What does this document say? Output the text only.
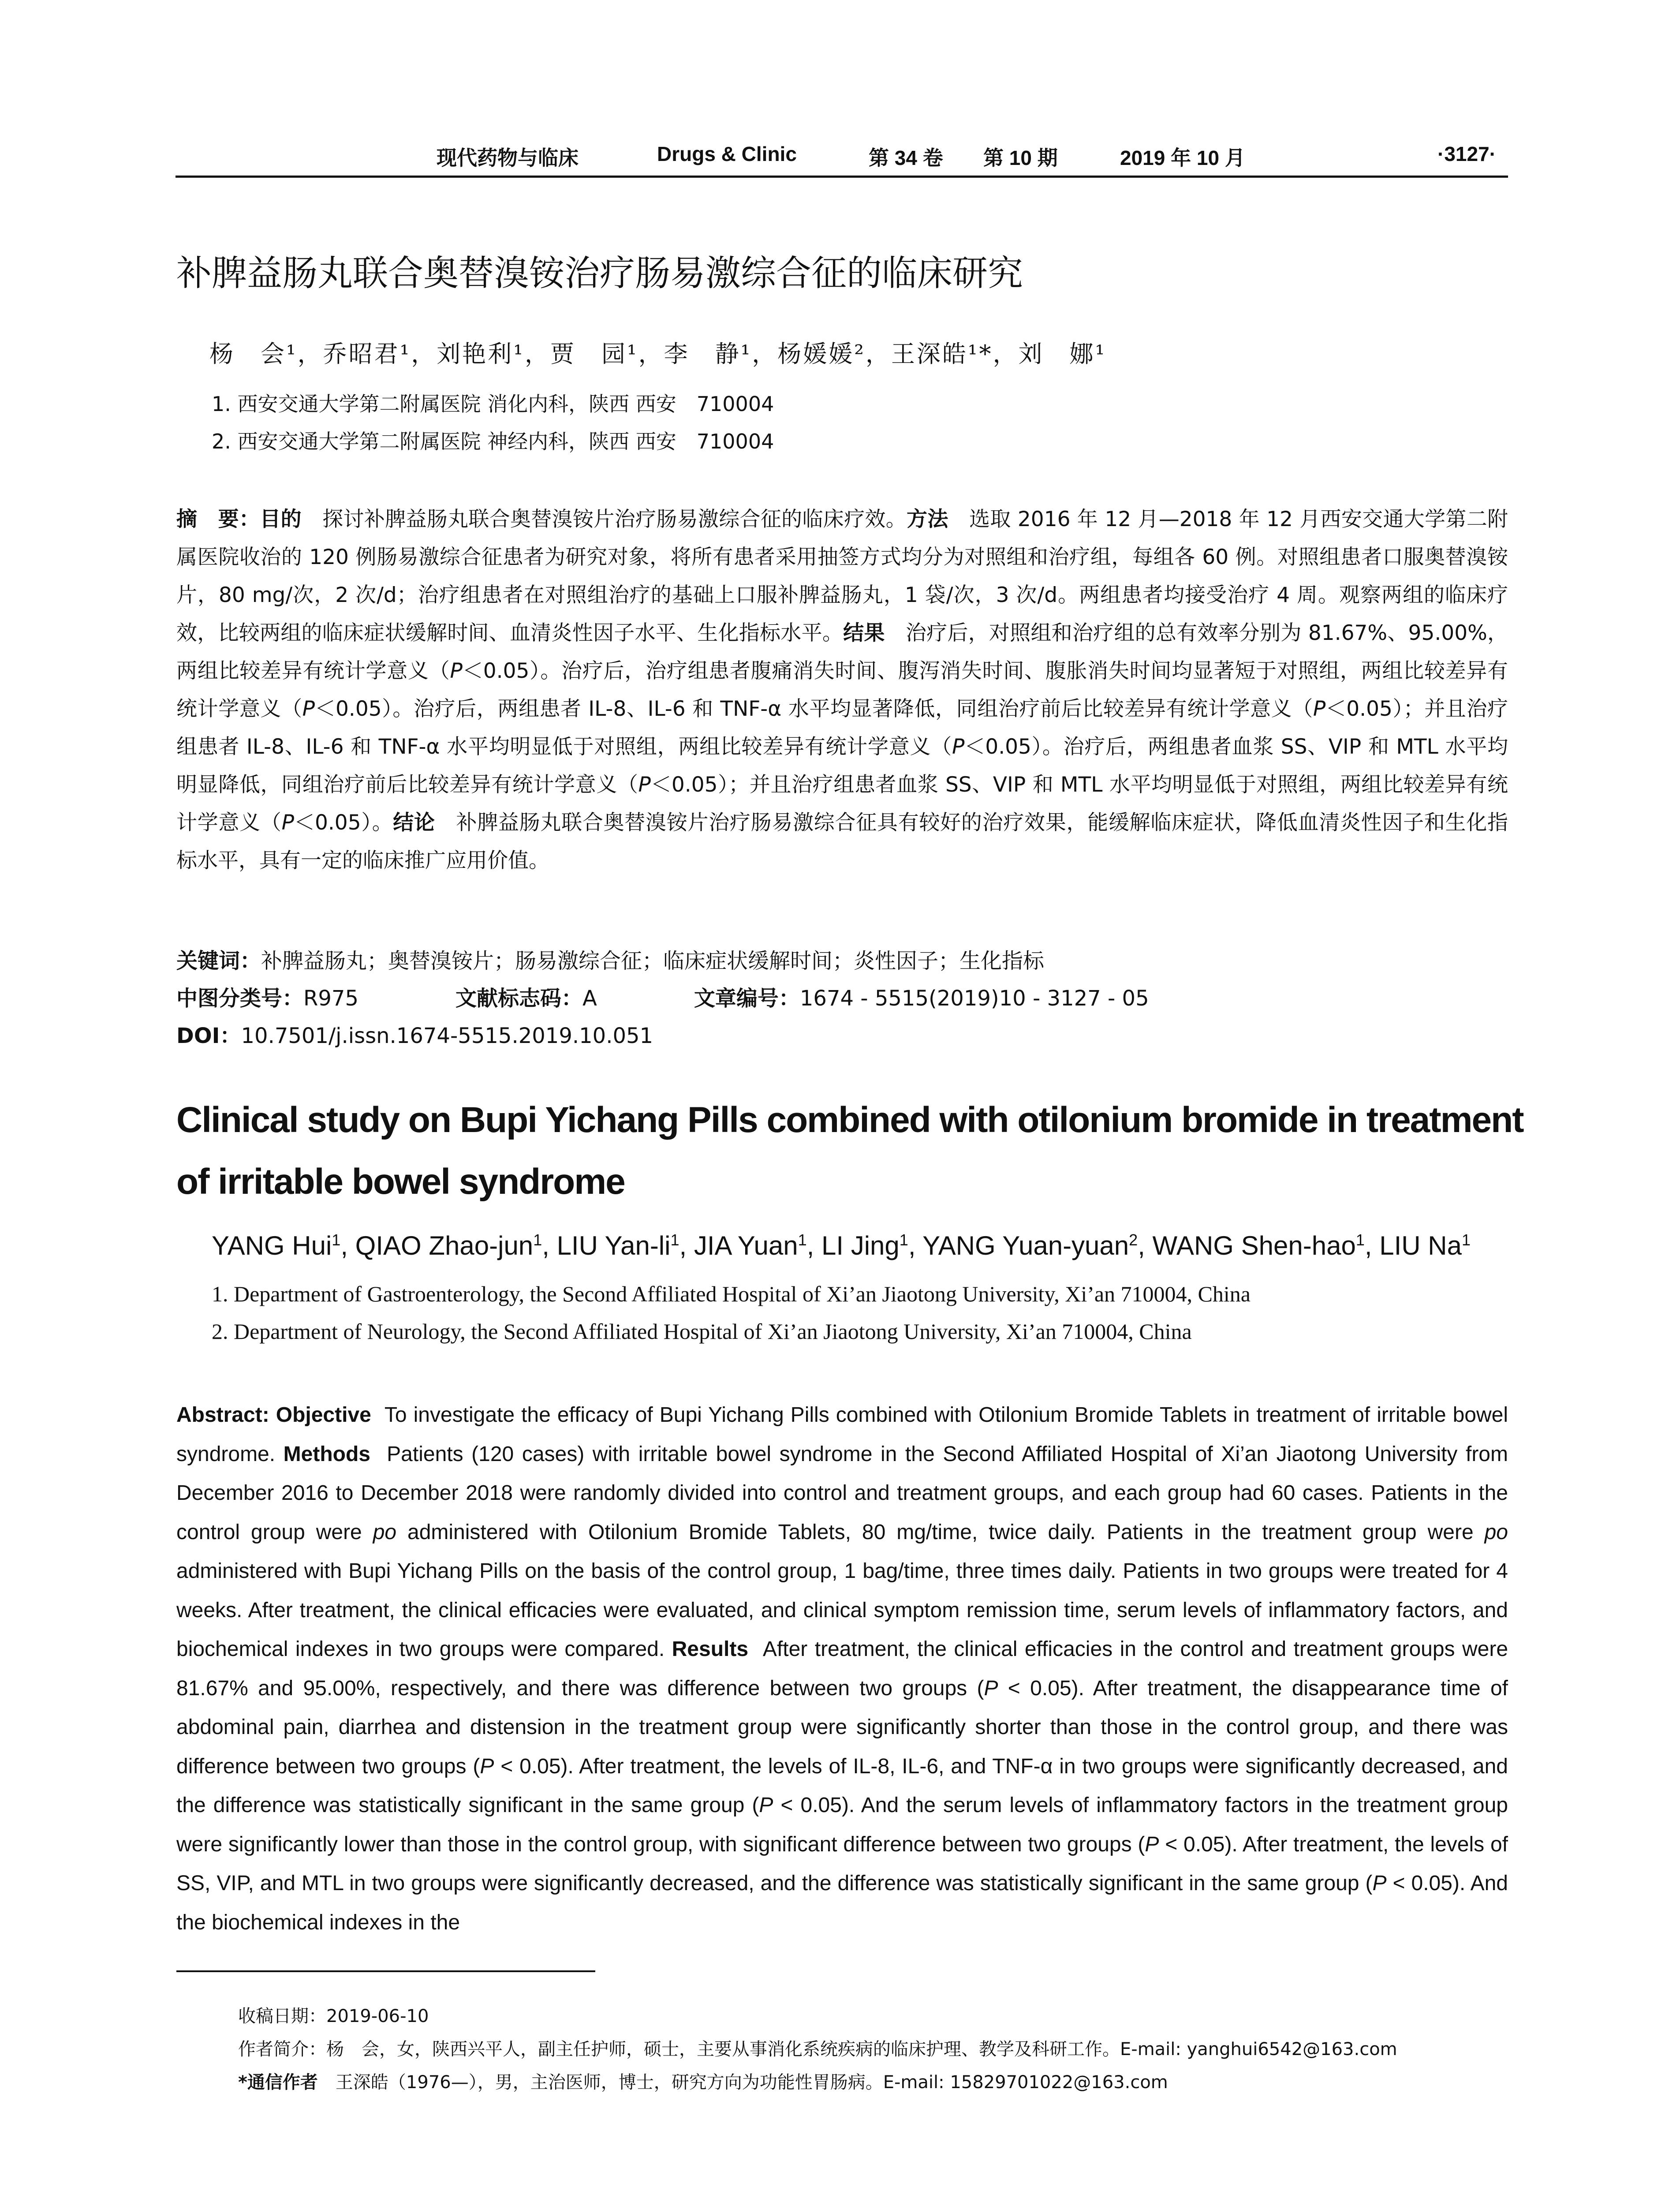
现代药物与临床	Drugs & Clinic	第 34 卷 第 10 期	2019 年 10 月	·3127·
补脾益肠丸联合奥替溴铵治疗肠易激综合征的临床研究
杨　会¹，乔昭君¹，刘艳利¹，贾　园¹，李　静¹，杨媛媛²，王深皓¹*，刘　娜¹
1. 西安交通大学第二附属医院 消化内科，陕西 西安　710004
2. 西安交通大学第二附属医院 神经内科，陕西 西安　710004
摘　要：目的　探讨补脾益肠丸联合奥替溴铵片治疗肠易激综合征的临床疗效。方法　选取 2016 年 12 月—2018 年 12 月西安交通大学第二附属医院收治的 120 例肠易激综合征患者为研究对象，将所有患者采用抽签方式均分为对照组和治疗组，每组各 60 例。对照组患者口服奥替溴铵片，80 mg/次，2 次/d；治疗组患者在对照组治疗的基础上口服补脾益肠丸，1 袋/次，3 次/d。两组患者均接受治疗 4 周。观察两组的临床疗效，比较两组的临床症状缓解时间、血清炎性因子水平、生化指标水平。结果　治疗后，对照组和治疗组的总有效率分别为 81.67%、95.00%，两组比较差异有统计学意义（P＜0.05）。治疗后，治疗组患者腹痛消失时间、腹泻消失时间、腹胀消失时间均显著短于对照组，两组比较差异有统计学意义（P＜0.05）。治疗后，两组患者 IL-8、IL-6 和 TNF-α 水平均显著降低，同组治疗前后比较差异有统计学意义（P＜0.05）；并且治疗组患者 IL-8、IL-6 和 TNF-α 水平均明显低于对照组，两组比较差异有统计学意义（P＜0.05）。治疗后，两组患者血浆 SS、VIP 和 MTL 水平均明显降低，同组治疗前后比较差异有统计学意义（P＜0.05）；并且治疗组患者血浆 SS、VIP 和 MTL 水平均明显低于对照组，两组比较差异有统计学意义（P＜0.05）。结论　补脾益肠丸联合奥替溴铵片治疗肠易激综合征具有较好的治疗效果，能缓解临床症状，降低血清炎性因子和生化指标水平，具有一定的临床推广应用价值。
关键词：补脾益肠丸；奥替溴铵片；肠易激综合征；临床症状缓解时间；炎性因子；生化指标
中图分类号：R975	文献标志码：A	文章编号：1674 - 5515(2019)10 - 3127 - 05
DOI：10.7501/j.issn.1674-5515.2019.10.051
Clinical study on Bupi Yichang Pills combined with otilonium bromide in treatment of irritable bowel syndrome
YANG Hui$^1$, QIAO Zhao-jun$^1$, LIU Yan-$li^1$, JIA Yuan$^1$, LI Jing$^1$, YANG Yuan-yuan$^2$, WANG Shen-hao$^1$, LIU Na$^1$
1. Department of Gastroenterology, the Second Affiliated Hospital of Xi’an Jiaotong University, Xi’an 710004, China
2. Department of Neurology, the Second Affiliated Hospital of Xi’an Jiaotong University, Xi’an 710004, China
Abstract: Objective To investigate the efficacy of Bupi Yichang Pills combined with Otilonium Bromide Tablets in treatment of irritable bowel syndrome. Methods Patients (120 cases) with irritable bowel syndrome in the Second Affiliated Hospital of Xi’an Jiaotong University from December 2016 to December 2018 were randomly divided into control and treatment groups, and each group had 60 cases. Patients in the control group were po administered with Otilonium Bromide Tablets, 80 mg/time, twice daily. Patients in the treatment group were po administered with Bupi Yichang Pills on the basis of the control group, 1 bag/time, three times daily. Patients in two groups were treated for 4 weeks. After treatment, the clinical efficacies were evaluated, and clinical symptom remission time, serum levels of inflammatory factors, and biochemical indexes in two groups were compared. Results After treatment, the clinical efficacies in the control and treatment groups were 81.67% and 95.00%, respectively, and there was difference between two groups (P < 0.05). After treatment, the disappearance time of abdominal pain, diarrhea and distension in the treatment group were significantly shorter than those in the control group, and there was difference between two groups (P < 0.05). After treatment, the levels of IL-8, IL-6, and TNF-α in two groups were significantly decreased, and the difference was statistically significant in the same group (P < 0.05). And the serum levels of inflammatory factors in the treatment group were significantly lower than those in the control group, with significant difference between two groups (P < 0.05). After treatment, the levels of SS, VIP, and MTL in two groups were significantly decreased, and the difference was statistically significant in the same group (P < 0.05). And the biochemical indexes in the
收稿日期：2019-06-10
作者简介：杨　会，女，陕西兴平人，副主任护师，硕士，主要从事消化系统疾病的临床护理、教学及科研工作。E-mail: yanghui6542@163.com
*通信作者　王深皓（1976—），男，主治医师，博士，研究方向为功能性胃肠病。E-mail: 15829701022@163.com
